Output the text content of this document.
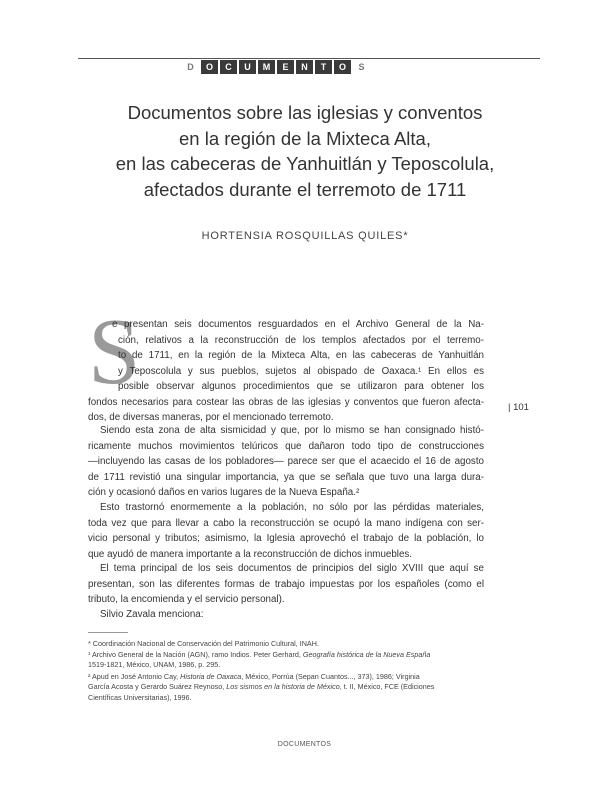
D	O	C	U	M	E	N	T	O	S
Documentos sobre las iglesias y conventos
en la región de la Mixteca Alta,
en las cabeceras de Yanhuitlán y Teposcolula,
afectados durante el terremoto de 1711
HORTENSIA ROSQUILLAS QUILES*
S
e presentan seis documentos resguardados en el Archivo General de la Na-
ción, relativos a la reconstrucción de los templos afectados por el terremo-
to de 1711, en la región de la Mixteca Alta, en las cabeceras de Yanhuitlán
y Teposcolula y sus pueblos, sujetos al obispado de Oaxaca.¹ En ellos es
posible observar algunos procedimientos que se utilizaron para obtener los
fondos necesarios para costear las obras de las iglesias y conventos que fueron afecta-
dos, de diversas maneras, por el mencionado terremoto.
Siendo esta zona de alta sismicidad y que, por lo mismo se han consignado histó-
ricamente muchos movimientos telúricos que dañaron todo tipo de construcciones
—incluyendo las casas de los pobladores— parece ser que el acaecido el 16 de agosto
de 1711 revistió una singular importancia, ya que se señala que tuvo una larga dura-
ción y ocasionó daños en varios lugares de la Nueva España.²
Esto trastornó enormemente a la población, no sólo por las pérdidas materiales,
toda vez que para llevar a cabo la reconstrucción se ocupó la mano indígena con ser-
vicio personal y tributos; asimismo, la Iglesia aprovechó el trabajo de la población, lo
que ayudó de manera importante a la reconstrucción de dichos inmuebles.
El tema principal de los seis documentos de principios del siglo XVIII que aquí se
presentan, son las diferentes formas de trabajo impuestas por los españoles (como el
tributo, la encomienda y el servicio personal).
Silvio Zavala menciona:
| 101
* Coordinación Nacional de Conservación del Patrimonio Cultural, INAH.
¹ Archivo General de la Nación (AGN), ramo Indios. Peter Gerhard, Geografía histórica de la Nueva España
1519-1821, México, UNAM, 1986, p. 295.
² Apud en José Antonio Cay, Historia de Oaxaca, México, Porrúa (Sepan Cuantos..., 373), 1986; Virginia
García Acosta y Gerardo Suárez Reynoso, Los sismos en la historia de México, t. II, México, FCE (Ediciones
Científicas Universitarias), 1996.
DOCUMENTOS
